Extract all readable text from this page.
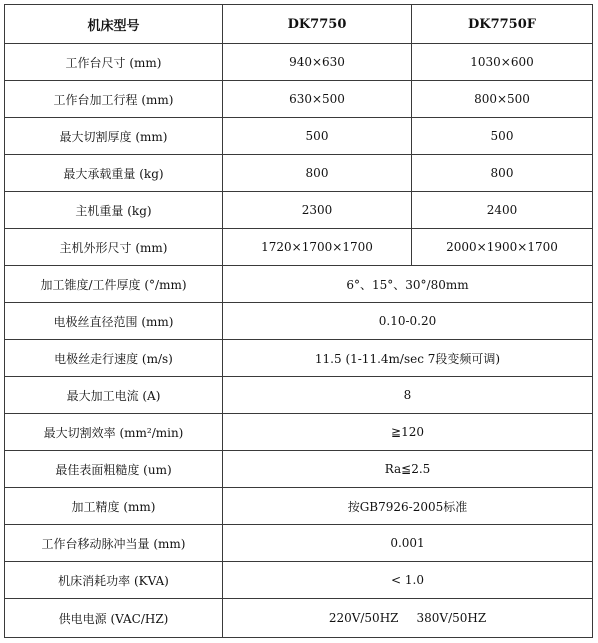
机床型号	DK7750	DK7750F
工作台尺寸 (mm)	940×630	1030×600
工作台加工行程 (mm)	630×500	800×500
最大切割厚度 (mm)	500	500
最大承载重量 (kg)	800	800
主机重量 (kg)	2300	2400
主机外形尺寸 (mm)	1720×1700×1700	2000×1900×1700
加工锥度/工件厚度 (°/mm)	6°、15°、30°/80mm	
电极丝直径范围 (mm)	0.10-0.20	
电极丝走行速度 (m/s)	11.5 (1-11.4m/sec 7段变频可调)	
最大加工电流 (A)	8	
最大切割效率 (mm²/min)	≧120	
最佳表面粗糙度 (um)	Ra≦2.5	
加工精度 (mm)	按GB7926-2005标准	
工作台移动脉冲当量 (mm)	0.001	
机床消耗功率 (KVA)	< 1.0	
供电电源 (VAC/HZ)	220V/50HZ 380V/50HZ	
